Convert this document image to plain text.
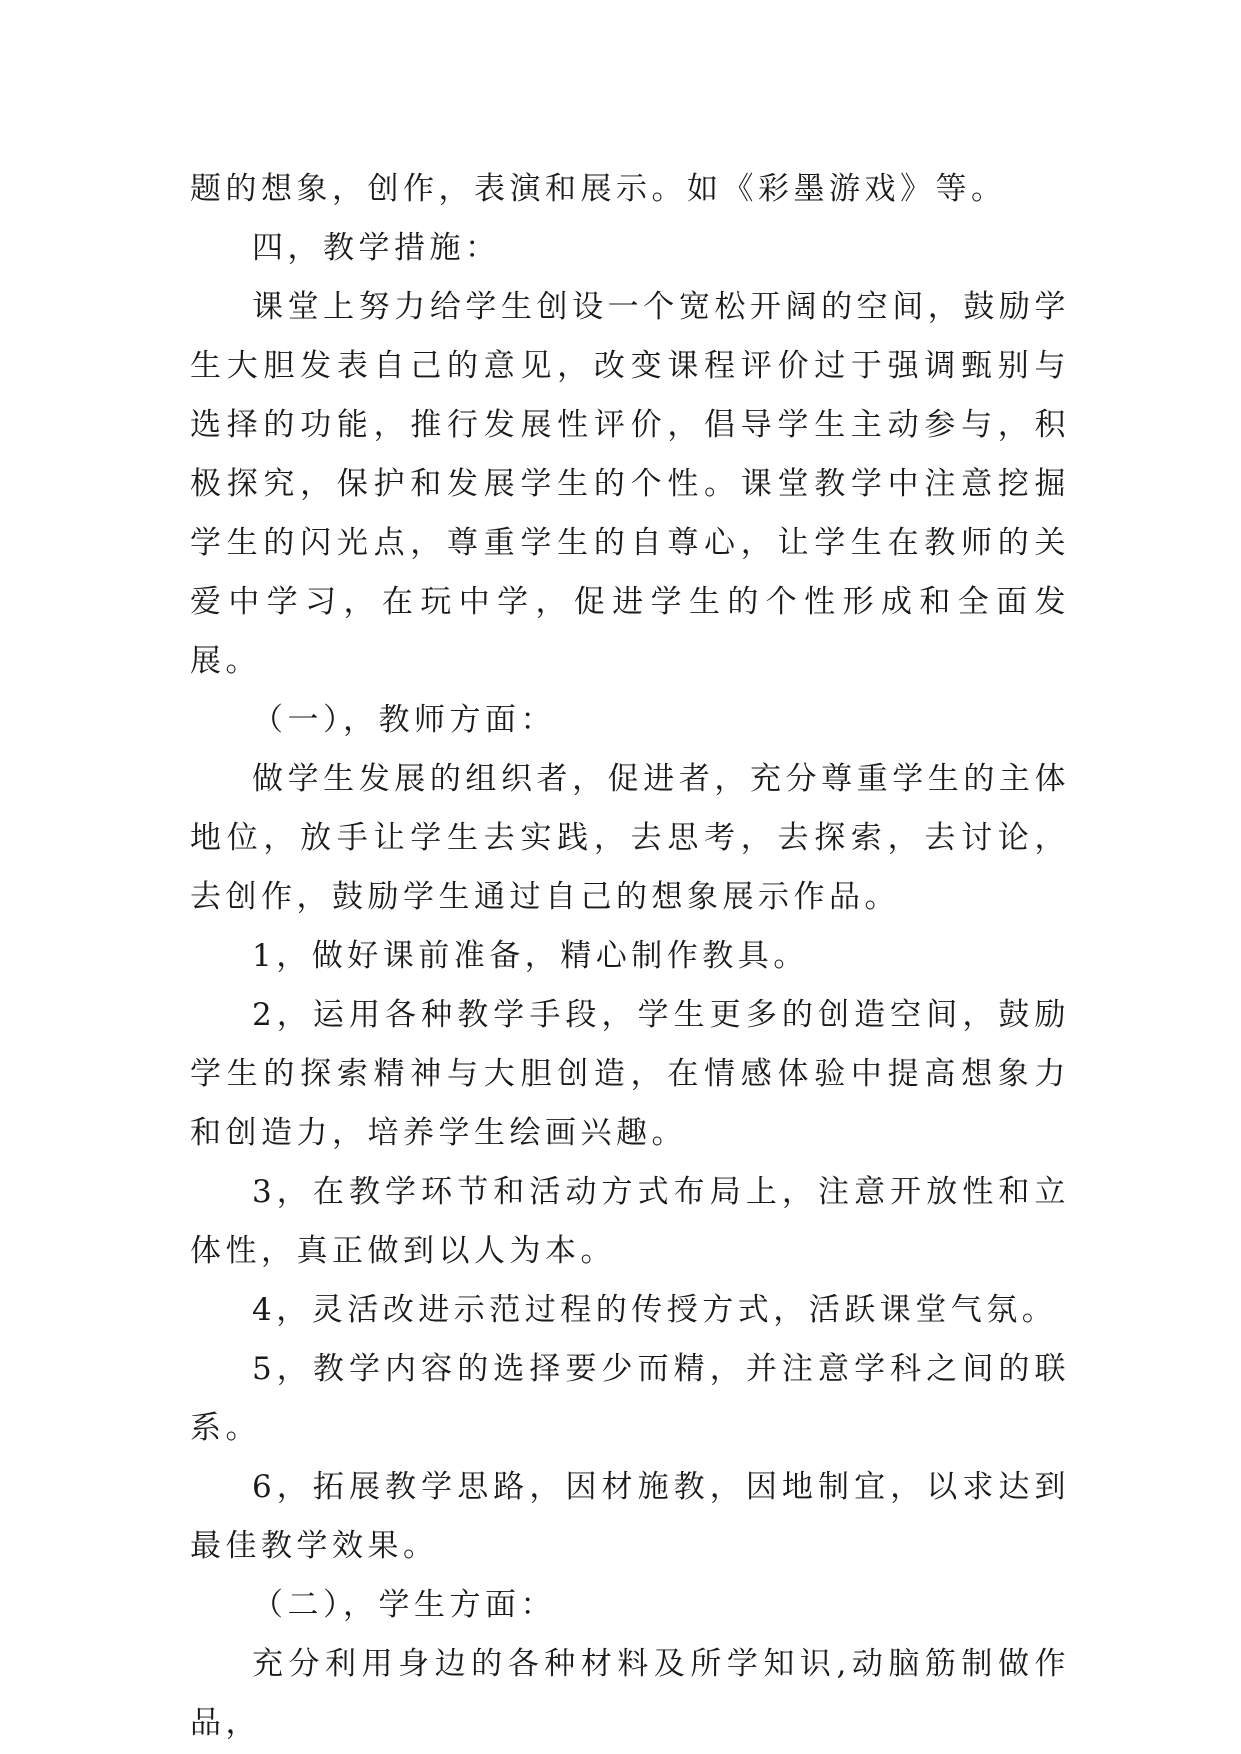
题的想象，创作，表演和展示。如《彩墨游戏》等。

四，教学措施：

课堂上努力给学生创设一个宽松开阔的空间，鼓励学生大胆发表自己的意见，改变课程评价过于强调甄别与选择的功能，推行发展性评价，倡导学生主动参与，积极探究，保护和发展学生的个性。课堂教学中注意挖掘学生的闪光点，尊重学生的自尊心，让学生在教师的关爱中学习，在玩中学，促进学生的个性形成和全面发展。

（一），教师方面：

做学生发展的组织者，促进者，充分尊重学生的主体地位，放手让学生去实践，去思考，去探索，去讨论，去创作，鼓励学生通过自己的想象展示作品。

1，做好课前准备，精心制作教具。

2，运用各种教学手段，学生更多的创造空间，鼓励学生的探索精神与大胆创造，在情感体验中提高想象力和创造力，培养学生绘画兴趣。

3，在教学环节和活动方式布局上，注意开放性和立体性，真正做到以人为本。

4，灵活改进示范过程的传授方式，活跃课堂气氛。

5，教学内容的选择要少而精，并注意学科之间的联系。

6，拓展教学思路，因材施教，因地制宜，以求达到最佳教学效果。

（二），学生方面：

充分利用身边的各种材料及所学知识,动脑筋制做作品，
